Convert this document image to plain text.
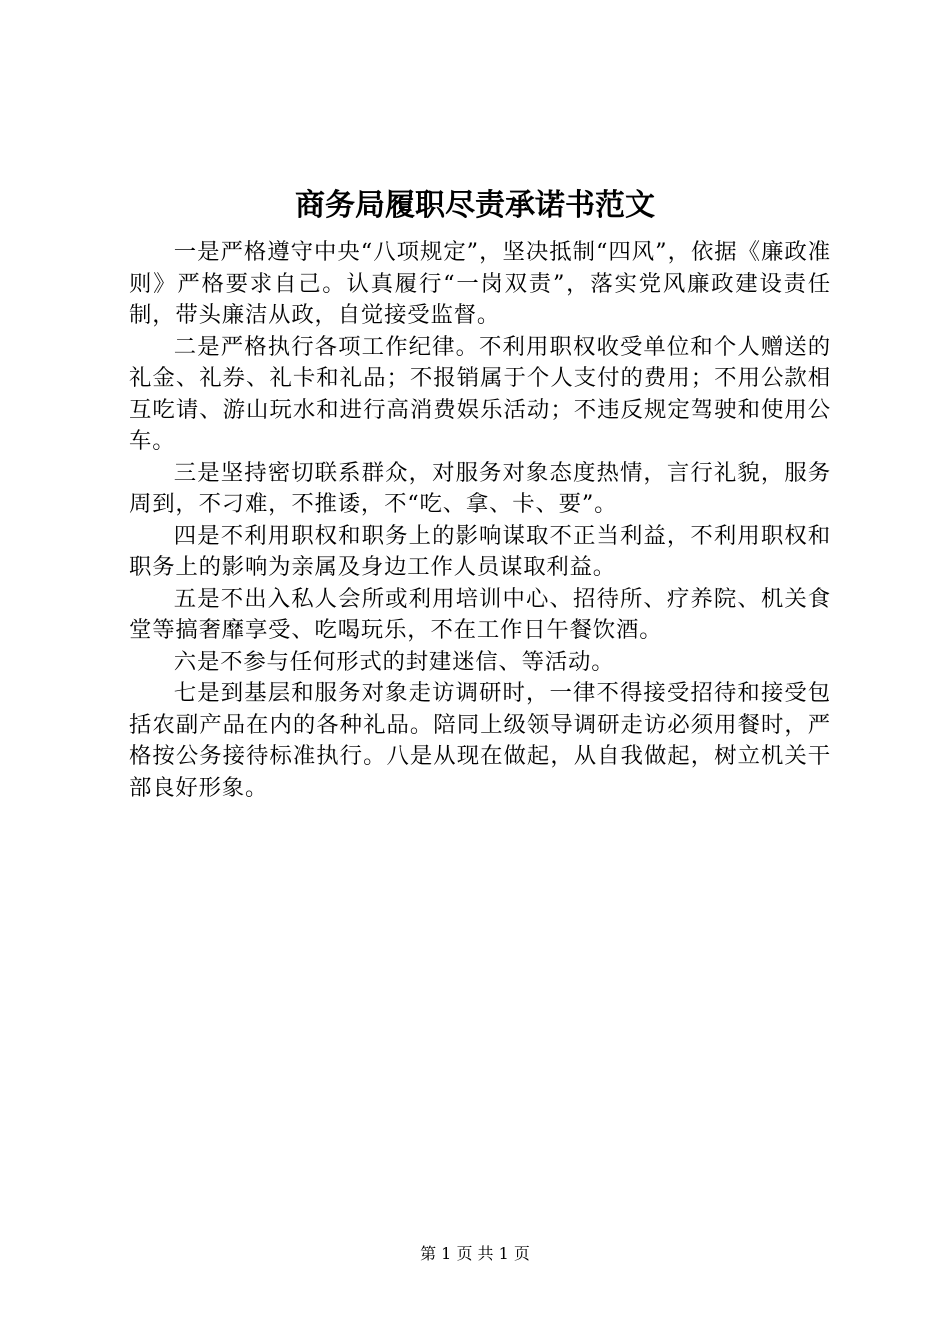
商务局履职尽责承诺书范文

一是严格遵守中央“八项规定”，坚决抵制“四风”，依据《廉政准则》严格要求自己。认真履行“一岗双责”，落实党风廉政建设责任制，带头廉洁从政，自觉接受监督。

二是严格执行各项工作纪律。不利用职权收受单位和个人赠送的礼金、礼券、礼卡和礼品；不报销属于个人支付的费用；不用公款相互吃请、游山玩水和进行高消费娱乐活动；不违反规定驾驶和使用公车。

三是坚持密切联系群众，对服务对象态度热情，言行礼貌，服务周到，不刁难，不推诿，不“吃、拿、卡、要”。

四是不利用职权和职务上的影响谋取不正当利益，不利用职权和职务上的影响为亲属及身边工作人员谋取利益。

五是不出入私人会所或利用培训中心、招待所、疗养院、机关食堂等搞奢靡享受、吃喝玩乐，不在工作日午餐饮酒。

六是不参与任何形式的封建迷信、等活动。

七是到基层和服务对象走访调研时，一律不得接受招待和接受包括农副产品在内的各种礼品。陪同上级领导调研走访必须用餐时，严格按公务接待标准执行。八是从现在做起，从自我做起，树立机关干部良好形象。

第 1 页 共 1 页
